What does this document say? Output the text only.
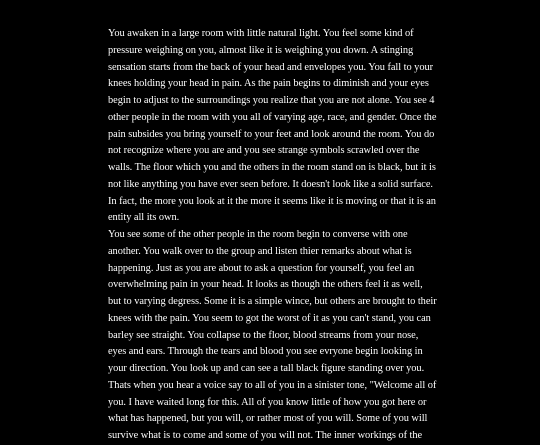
You awaken in a large room with little natural light. You feel some kind of pressure weighing on you, almost like it is weighing you down. A stinging sensation starts from the back of your head and envelopes you. You fall to your knees holding your head in pain. As the pain begins to diminish and your eyes begin to adjust to the surroundings you realize that you are not alone. You see 4 other people in the room with you all of varying age, race, and gender. Once the pain subsides you bring yourself to your feet and look around the room. You do not recognize where you are and you see strange symbols scrawled over the walls. The floor which you and the others in the room stand on is black, but it is not like anything you have ever seen before. It doesn't look like a solid surface. In fact, the more you look at it the more it seems like it is moving or that it is an entity all its own.

You see some of the other people in the room begin to converse with one another. You walk over to the group and listen thier remarks about what is happening. Just as you are about to ask a question for yourself, you feel an overwhelming pain in your head. It looks as though the others feel it as well, but to varying degress. Some it is a simple wince, but others are brought to their knees with the pain. You seem to got the worst of it as you can't stand, you can barley see straight. You collapse to the floor, blood streams from your nose, eyes and ears. Through the tears and blood you see evryone begin looking in your direction. You look up and can see a tall black figure standing over you. Thats when you hear a voice say to all of you in a sinister tone, "Welcome all of you. I have waited long for this. All of you know little of how you got here or what has happened, but you will, or rather most of you will. Some of you will survive what is to come and some of you will not. The inner workings of the
